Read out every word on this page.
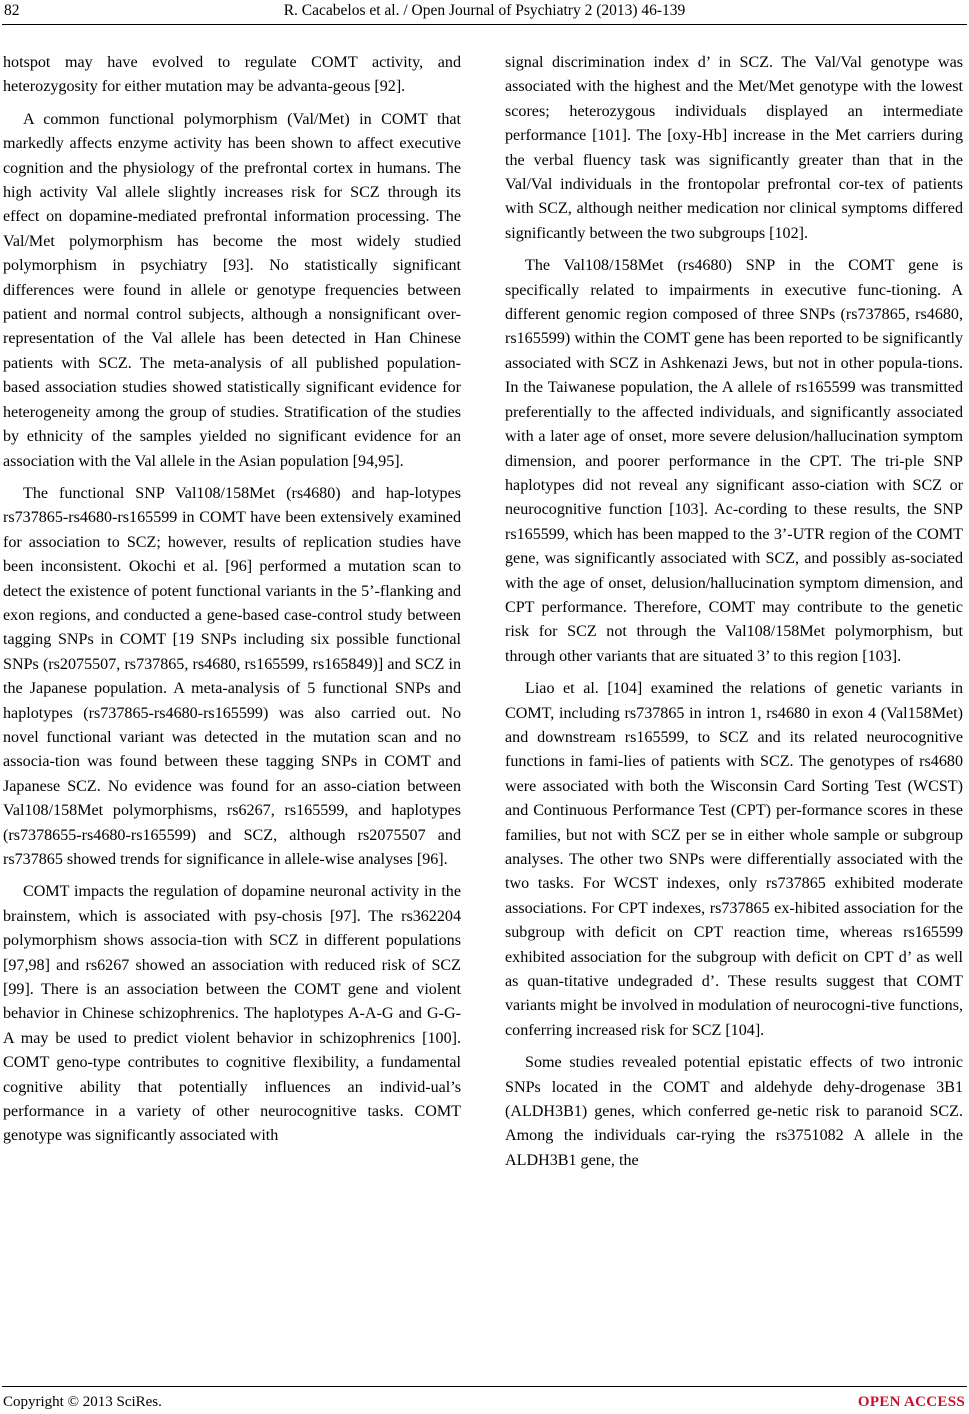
82	R. Cacabelos et al. / Open Journal of Psychiatry 2 (2013) 46-139

hotspot may have evolved to regulate COMT activity, and heterozygosity for either mutation may be advanta-geous [92].

A common functional polymorphism (Val/Met) in COMT that markedly affects enzyme activity has been shown to affect executive cognition and the physiology of the prefrontal cortex in humans. The high activity Val allele slightly increases risk for SCZ through its effect on dopamine-mediated prefrontal information processing. The Val/Met polymorphism has become the most widely studied polymorphism in psychiatry [93]. No statistically significant differences were found in allele or genotype frequencies between patient and normal control subjects, although a nonsignificant over-representation of the Val allele has been detected in Han Chinese patients with SCZ. The meta-analysis of all published population-based association studies showed statistically significant evidence for heterogeneity among the group of studies. Stratification of the studies by ethnicity of the samples yielded no significant evidence for an association with the Val allele in the Asian population [94,95].

The functional SNP Val108/158Met (rs4680) and hap-lotypes rs737865-rs4680-rs165599 in COMT have been extensively examined for association to SCZ; however, results of replication studies have been inconsistent. Okochi et al. [96] performed a mutation scan to detect the existence of potent functional variants in the 5’-flanking and exon regions, and conducted a gene-based case-control study between tagging SNPs in COMT [19 SNPs including six possible functional SNPs (rs2075507, rs737865, rs4680, rs165599, rs165849)] and SCZ in the Japanese population. A meta-analysis of 5 functional SNPs and haplotypes (rs737865-rs4680-rs165599) was also carried out. No novel functional variant was detected in the mutation scan and no associa-tion was found between these tagging SNPs in COMT and Japanese SCZ. No evidence was found for an asso-ciation between Val108/158Met polymorphisms, rs6267, rs165599, and haplotypes (rs7378655-rs4680-rs165599) and SCZ, although rs2075507 and rs737865 showed trends for significance in allele-wise analyses [96].

COMT impacts the regulation of dopamine neuronal activity in the brainstem, which is associated with psy-chosis [97]. The rs362204 polymorphism shows associa-tion with SCZ in different populations [97,98] and rs6267 showed an association with reduced risk of SCZ [99]. There is an association between the COMT gene and violent behavior in Chinese schizophrenics. The haplotypes A-A-G and G-G-A may be used to predict violent behavior in schizophrenics [100]. COMT geno-type contributes to cognitive flexibility, a fundamental cognitive ability that potentially influences an individ-ual’s performance in a variety of other neurocognitive tasks. COMT genotype was significantly associated with

signal discrimination index d’ in SCZ. The Val/Val genotype was associated with the highest and the Met/Met genotype with the lowest scores; heterozygous individuals displayed an intermediate performance [101]. The [oxy-Hb] increase in the Met carriers during the verbal fluency task was significantly greater than that in the Val/Val individuals in the frontopolar prefrontal cor-tex of patients with SCZ, although neither medication nor clinical symptoms differed significantly between the two subgroups [102].

The Val108/158Met (rs4680) SNP in the COMT gene is specifically related to impairments in executive func-tioning. A different genomic region composed of three SNPs (rs737865, rs4680, rs165599) within the COMT gene has been reported to be significantly associated with SCZ in Ashkenazi Jews, but not in other popula-tions. In the Taiwanese population, the A allele of rs165599 was transmitted preferentially to the affected individuals, and significantly associated with a later age of onset, more severe delusion/hallucination symptom dimension, and poorer performance in the CPT. The tri-ple SNP haplotypes did not reveal any significant asso-ciation with SCZ or neurocognitive function [103]. Ac-cording to these results, the SNP rs165599, which has been mapped to the 3’-UTR region of the COMT gene, was significantly associated with SCZ, and possibly as-sociated with the age of onset, delusion/hallucination symptom dimension, and CPT performance. Therefore, COMT may contribute to the genetic risk for SCZ not through the Val108/158Met polymorphism, but through other variants that are situated 3’ to this region [103].

Liao et al. [104] examined the relations of genetic variants in COMT, including rs737865 in intron 1, rs4680 in exon 4 (Val158Met) and downstream rs165599, to SCZ and its related neurocognitive functions in fami-lies of patients with SCZ. The genotypes of rs4680 were associated with both the Wisconsin Card Sorting Test (WCST) and Continuous Performance Test (CPT) per-formance scores in these families, but not with SCZ per se in either whole sample or subgroup analyses. The other two SNPs were differentially associated with the two tasks. For WCST indexes, only rs737865 exhibited moderate associations. For CPT indexes, rs737865 ex-hibited association for the subgroup with deficit on CPT reaction time, whereas rs165599 exhibited association for the subgroup with deficit on CPT d’ as well as quan-titative undegraded d’. These results suggest that COMT variants might be involved in modulation of neurocogni-tive functions, conferring increased risk for SCZ [104].

Some studies revealed potential epistatic effects of two intronic SNPs located in the COMT and aldehyde dehy-drogenase 3B1 (ALDH3B1) genes, which conferred ge-netic risk to paranoid SCZ. Among the individuals car-rying the rs3751082 A allele in the ALDH3B1 gene, the

Copyright © 2013 SciRes.	OPEN ACCESS
